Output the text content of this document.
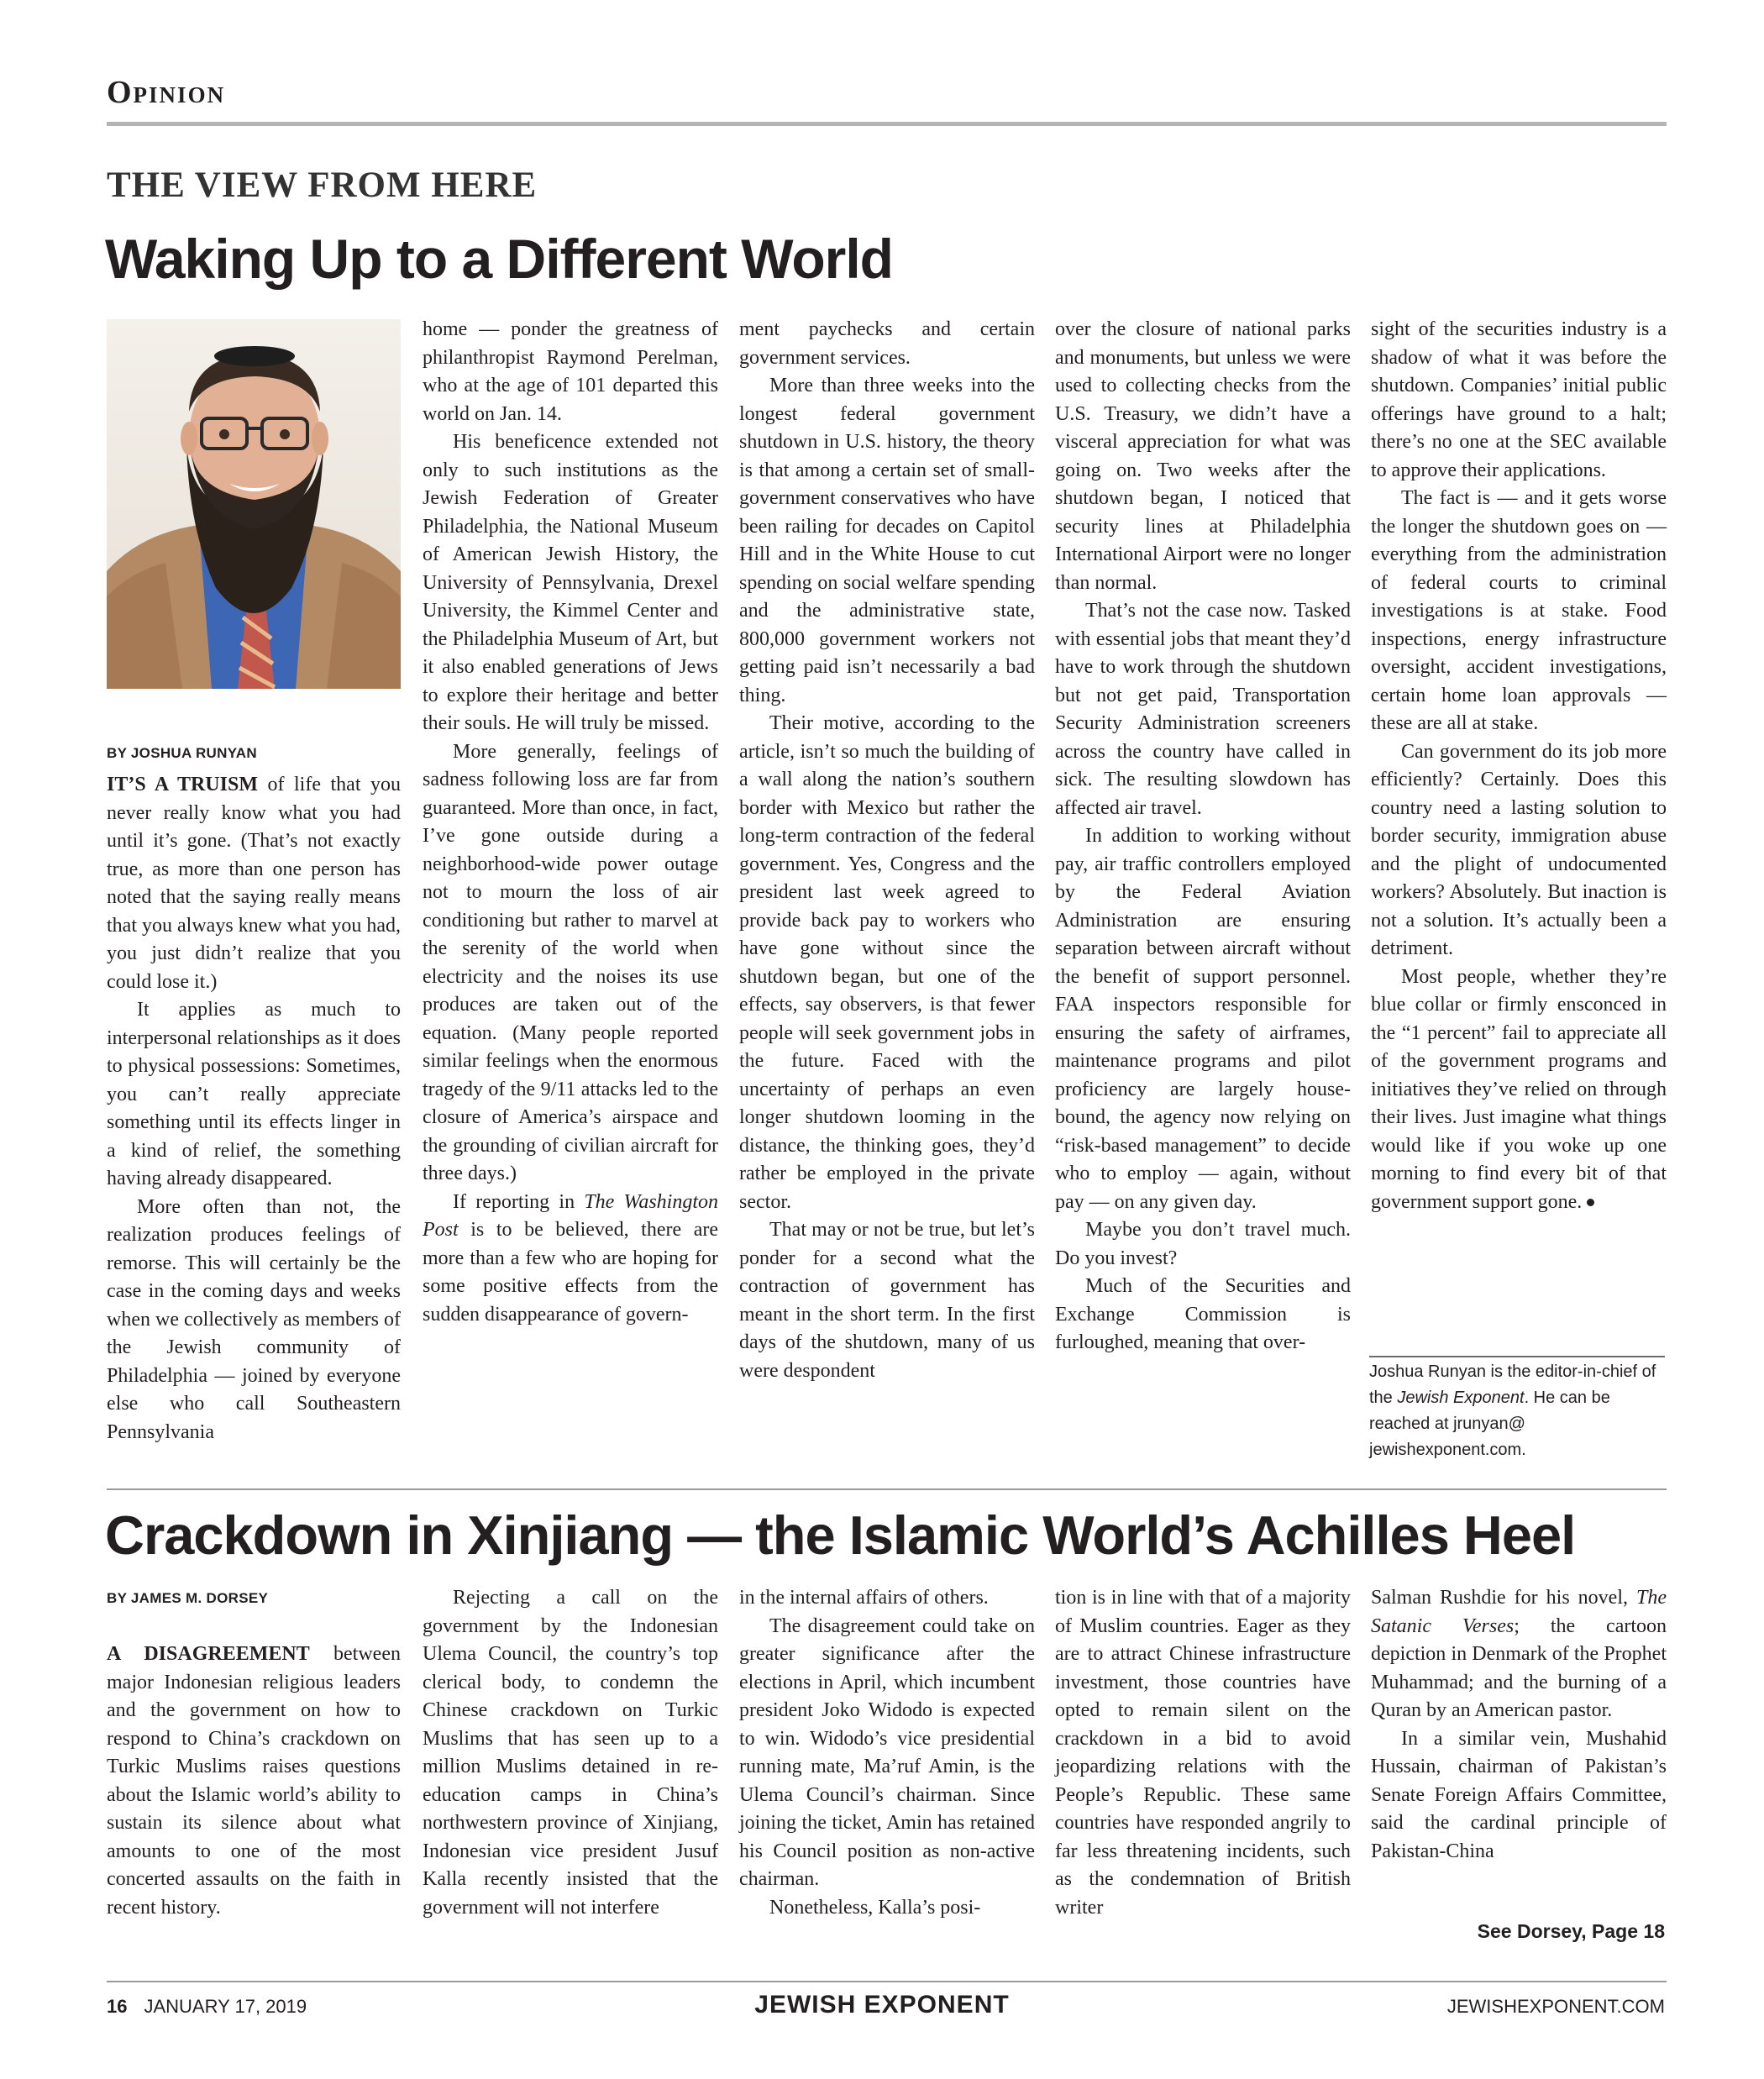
Opinion
THE VIEW FROM HERE
Waking Up to a Different World

BY JOSHUA RUNYAN

IT’S A TRUISM of life that you never really know what you had until it’s gone. (That’s not exactly true, as more than one person has noted that the saying really means that you always knew what you had, you just didn’t realize that you could lose it.)

It applies as much to interpersonal relationships as it does to physical possessions: Sometimes, you can’t really appreciate something until its effects linger in a kind of relief, the something having already disappeared.

More often than not, the realization produces feelings of remorse. This will certainly be the case in the coming days and weeks when we collectively as members of the Jewish community of Philadelphia — joined by everyone else who call Southeastern Pennsylvania

home — ponder the greatness of philanthropist Raymond Perelman, who at the age of 101 departed this world on Jan. 14.

His beneficence extended not only to such institutions as the Jewish Federation of Greater Philadelphia, the National Museum of American Jewish History, the University of Pennsylvania, Drexel University, the Kimmel Center and the Philadelphia Museum of Art, but it also enabled generations of Jews to explore their heritage and better their souls. He will truly be missed.

More generally, feelings of sadness following loss are far from guaranteed. More than once, in fact, I’ve gone outside during a neighborhood-wide power outage not to mourn the loss of air conditioning but rather to marvel at the serenity of the world when electricity and the noises its use produces are taken out of the equation. (Many people reported similar feelings when the enormous tragedy of the 9/11 attacks led to the closure of America’s airspace and the grounding of civilian aircraft for three days.)

If reporting in The Washington Post is to be believed, there are more than a few who are hoping for some positive effects from the sudden disappearance of govern-

ment paychecks and certain government services.

More than three weeks into the longest federal government shutdown in U.S. history, the theory is that among a certain set of small-government conservatives who have been railing for decades on Capitol Hill and in the White House to cut spending on social welfare spending and the administrative state, 800,000 government workers not getting paid isn’t necessarily a bad thing.

Their motive, according to the article, isn’t so much the building of a wall along the nation’s southern border with Mexico but rather the long-term contraction of the federal government. Yes, Congress and the president last week agreed to provide back pay to workers who have gone without since the shutdown began, but one of the effects, say observers, is that fewer people will seek government jobs in the future. Faced with the uncertainty of perhaps an even longer shutdown looming in the distance, the thinking goes, they’d rather be employed in the private sector.

That may or not be true, but let’s ponder for a second what the contraction of government has meant in the short term. In the first days of the shutdown, many of us were despondent

over the closure of national parks and monuments, but unless we were used to collecting checks from the U.S. Treasury, we didn’t have a visceral appreciation for what was going on. Two weeks after the shutdown began, I noticed that security lines at Philadelphia International Airport were no longer than normal.

That’s not the case now. Tasked with essential jobs that meant they’d have to work through the shutdown but not get paid, Transportation Security Administration screeners across the country have called in sick. The resulting slowdown has affected air travel.

In addition to working without pay, air traffic controllers employed by the Federal Aviation Administration are ensuring separation between aircraft without the benefit of support personnel. FAA inspectors responsible for ensuring the safety of airframes, maintenance programs and pilot proficiency are largely house-bound, the agency now relying on “risk-based management” to decide who to employ — again, without pay — on any given day.

Maybe you don’t travel much. Do you invest?

Much of the Securities and Exchange Commission is furloughed, meaning that over-

sight of the securities industry is a shadow of what it was before the shutdown. Companies’ initial public offerings have ground to a halt; there’s no one at the SEC available to approve their applications.

The fact is — and it gets worse the longer the shutdown goes on — everything from the administration of federal courts to criminal investigations is at stake. Food inspections, energy infrastructure oversight, accident investigations, certain home loan approvals — these are all at stake.

Can government do its job more efficiently? Certainly. Does this country need a lasting solution to border security, immigration abuse and the plight of undocumented workers? Absolutely. But inaction is not a solution. It’s actually been a detriment.

Most people, whether they’re blue collar or firmly ensconced in the “1 percent” fail to appreciate all of the government programs and initiatives they’ve relied on through their lives. Just imagine what things would like if you woke up one morning to find every bit of that government support gone.

Joshua Runyan is the editor-in-chief of the Jewish Exponent. He can be reached at jrunyan@ jewishexponent.com.

Crackdown in Xinjiang — the Islamic World’s Achilles Heel

BY JAMES M. DORSEY

A DISAGREEMENT between major Indonesian religious leaders and the government on how to respond to China’s crackdown on Turkic Muslims raises questions about the Islamic world’s ability to sustain its silence about what amounts to one of the most concerted assaults on the faith in recent history.

Rejecting a call on the government by the Indonesian Ulema Council, the country’s top clerical body, to condemn the Chinese crackdown on Turkic Muslims that has seen up to a million Muslims detained in re-education camps in China’s northwestern province of Xinjiang, Indonesian vice president Jusuf Kalla recently insisted that the government will not interfere

in the internal affairs of others.

The disagreement could take on greater significance after the elections in April, which incumbent president Joko Widodo is expected to win. Widodo’s vice presidential running mate, Ma’ruf Amin, is the Ulema Council’s chairman. Since joining the ticket, Amin has retained his Council position as non-active chairman.

Nonetheless, Kalla’s posi-

tion is in line with that of a majority of Muslim countries. Eager as they are to attract Chinese infrastructure investment, those countries have opted to remain silent on the crackdown in a bid to avoid jeopardizing relations with the People’s Republic. These same countries have responded angrily to far less threatening incidents, such as the condemnation of British writer

Salman Rushdie for his novel, The Satanic Verses; the cartoon depiction in Denmark of the Prophet Muhammad; and the burning of a Quran by an American pastor.

In a similar vein, Mushahid Hussain, chairman of Pakistan’s Senate Foreign Affairs Committee, said the cardinal principle of Pakistan-China

See Dorsey, Page 18

16 JANUARY 17, 2019	JEWISH EXPONENT	JEWISHEXPONENT.COM
